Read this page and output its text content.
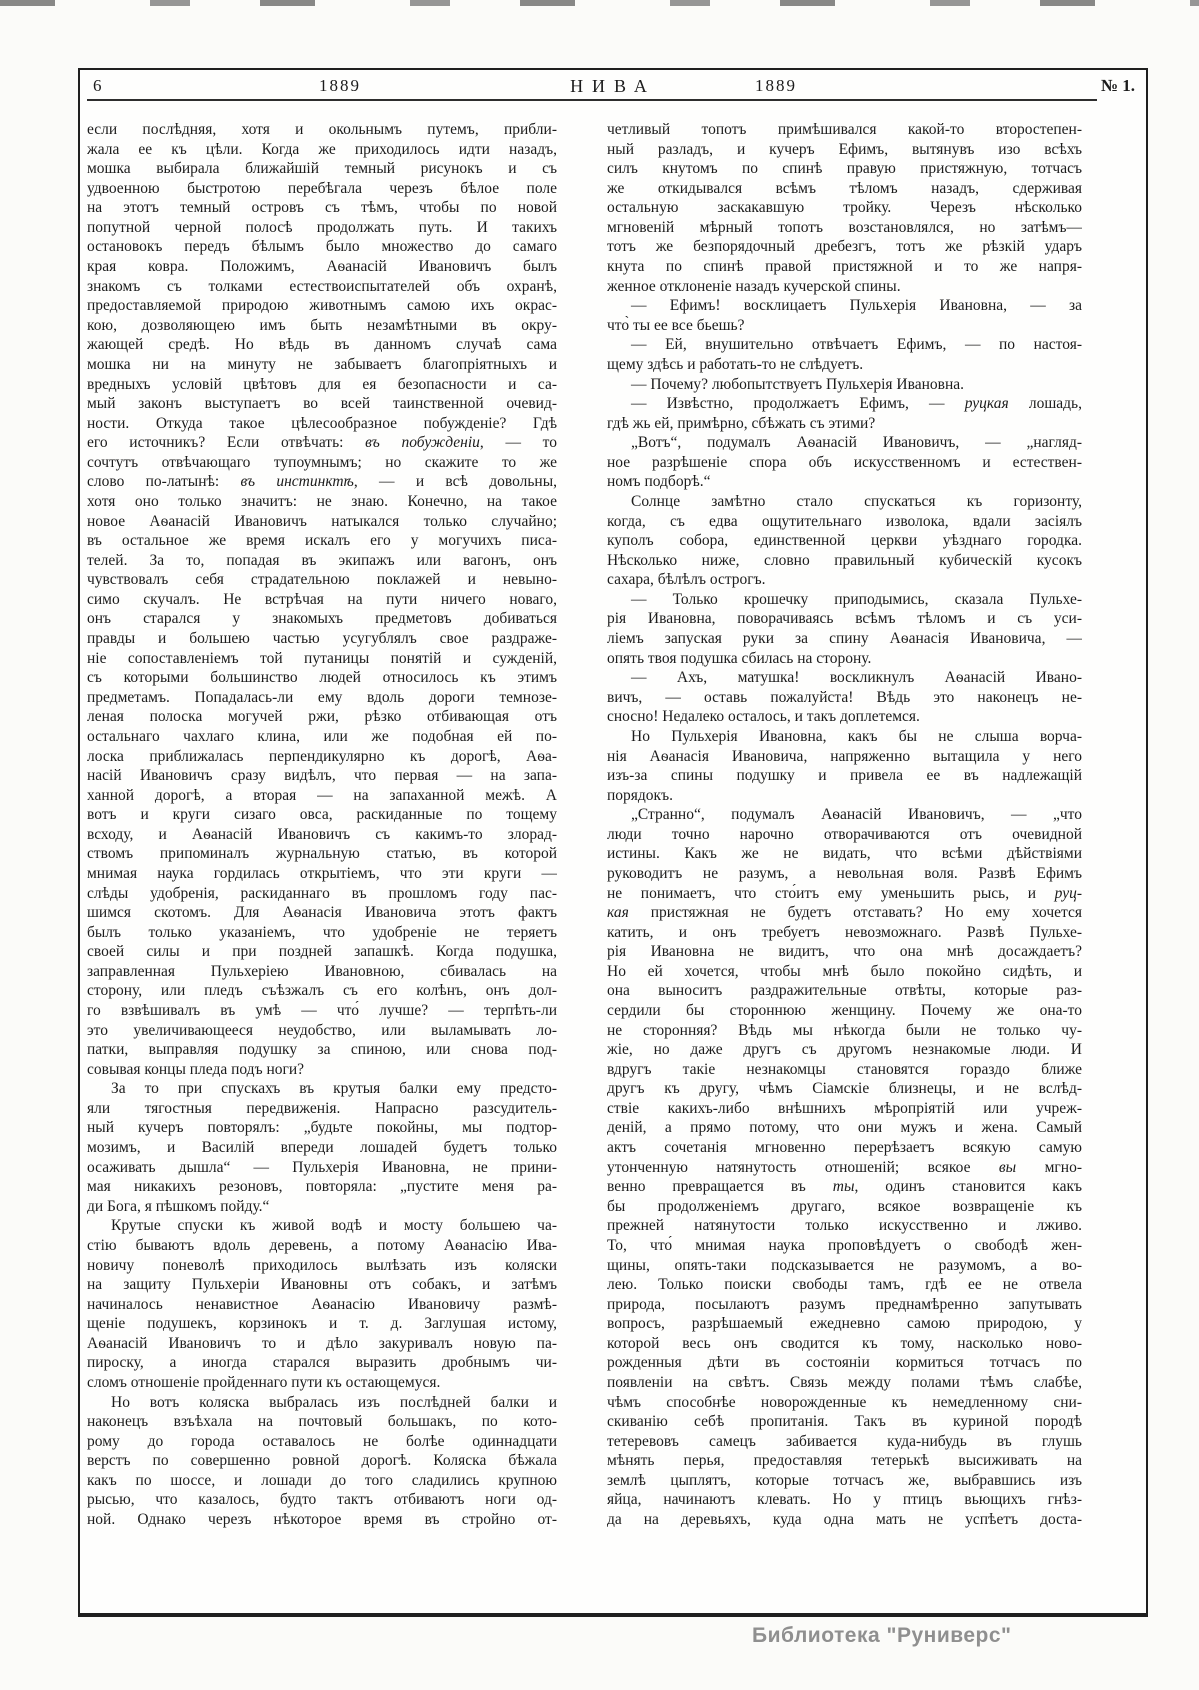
6	1889	НИВА	1889	№ 1.
если послѣдняя, хотя и окольнымъ путемъ, прибли-
жала ее къ цѣли. Когда же приходилось идти назадъ,
мошка выбирала ближайшій темный рисунокъ и съ
удвоенною быстротою перебѣгала черезъ бѣлое поле
на этотъ темный островъ съ тѣмъ, чтобы по новой
попутной черной полосѣ продолжать путь. И такихъ
остановокъ передъ бѣлымъ было множество до самаго
края ковра. Положимъ, Аѳанасій Ивановичъ былъ
знакомъ съ толками естествоиспытателей объ охранѣ,
предоставляемой природою животнымъ самою ихъ окрас-
кою, дозволяющею имъ быть незамѣтными въ окру-
жающей средѣ. Но вѣдь въ данномъ случаѣ сама
мошка ни на минуту не забываетъ благопріятныхъ и
вредныхъ условій цвѣтовъ для ея безопасности и са-
мый законъ выступаетъ во всей таинственной очевид-
ности. Откуда такое цѣлесообразное побужденіе? Гдѣ
его источникъ? Если отвѣчать: въ побужденіи, — то
сочтутъ отвѣчающаго тупоумнымъ; но скажите то же
слово по-латынѣ: въ инстинктѣ, — и всѣ довольны,
хотя оно только значитъ: не знаю. Конечно, на такое
новое Аѳанасій Ивановичъ натыкался только случайно;
въ остальное же время искалъ его у могучихъ писа-
телей. За то, попадая въ экипажъ или вагонъ, онъ
чувствовалъ себя страдательною поклажей и невыно-
симо скучалъ. Не встрѣчая на пути ничего новаго,
онъ старался у знакомыхъ предметовъ добиваться
правды и большею частью усугублялъ свое раздраже-
ніе сопоставленіемъ той путаницы понятій и сужденій,
съ которыми большинство людей относилось къ этимъ
предметамъ. Попадалась-ли ему вдоль дороги темнозе-
леная полоска могучей ржи, рѣзко отбивающая отъ
остальнаго чахлаго клина, или же подобная ей по-
лоска приближалась перпендикулярно къ дорогѣ, Аѳа-
насій Ивановичъ сразу видѣлъ, что первая — на запа-
ханной дорогѣ, а вторая — на запаханной межѣ. А
вотъ и круги сизаго овса, раскиданные по тощему
всходу, и Аѳанасій Ивановичъ съ какимъ-то злорад-
ствомъ припоминалъ журнальную статью, въ которой
мнимая наука гордилась открытіемъ, что эти круги —
слѣды удобренія, раскиданнаго въ прошломъ году пас-
шимся скотомъ. Для Аѳанасія Ивановича этотъ фактъ
былъ только указаніемъ, что удобреніе не теряетъ
своей силы и при поздней запашкѣ. Когда подушка,
заправленная Пульхеріею Ивановною, сбивалась на
сторону, или пледъ съѣзжалъ съ его колѣнъ, онъ дол-
го взвѣшивалъ въ умѣ — что́ лучше? — терпѣть-ли
это увеличивающееся неудобство, или выламывать ло-
патки, выправляя подушку за спиною, или снова под-
совывая концы пледа подъ ноги?
За то при спускахъ въ крутыя балки ему предсто-
яли тягостныя передвиженія. Напрасно разсудитель-
ный кучеръ повторялъ: „будьте покойны, мы подтор-
мозимъ, и Василій впереди лошадей будетъ только
осаживать дышла“ — Пульхерія Ивановна, не прини-
мая никакихъ резоновъ, повторяла: „пустите меня ра-
ди Бога, я пѣшкомъ пойду.“
Крутые спуски къ живой водѣ и мосту большею ча-
стію бываютъ вдоль деревень, а потому Аѳанасію Ива-
новичу поневолѣ приходилось вылѣзать изъ коляски
на защиту Пульхеріи Ивановны отъ собакъ, и затѣмъ
начиналось ненавистное Аѳанасію Ивановичу размѣ-
щеніе подушекъ, корзинокъ и т. д. Заглушая истому,
Аѳанасій Ивановичъ то и дѣло закуривалъ новую па-
пироску, а иногда старался выразить дробнымъ чи-
сломъ отношеніе пройденнаго пути къ остающемуся.
Но вотъ коляска выбралась изъ послѣдней балки и
наконецъ взъѣхала на почтовый большакъ, по кото-
рому до города оставалось не болѣе одиннадцати
верстъ по совершенно ровной дорогѣ. Коляска бѣжала
какъ по шоссе, и лошади до того сладились крупною
рысью, что казалось, будто тактъ отбиваютъ ноги од-
ной. Однако черезъ нѣкоторое время въ стройно от-
четливый топотъ примѣшивался какой-то второстепен-
ный разладъ, и кучеръ Ефимъ, вытянувъ изо всѣхъ
силъ кнутомъ по спинѣ правую пристяжную, тотчасъ
же откидывался всѣмъ тѣломъ назадъ, сдерживая
остальную заскакавшую тройку. Черезъ нѣсколько
мгновеній мѣрный топотъ возстановлялся, но затѣмъ—
тотъ же безпорядочный дребезгъ, тотъ же рѣзкій ударъ
кнута по спинѣ правой пристяжной и то же напря-
женное отклоненіе назадъ кучерской спины.
— Ефимъ! восклицаетъ Пульхерія Ивановна, — за
что̀ ты ее все бьешь?
— Ей, внушительно отвѣчаетъ Ефимъ, — по настоя-
щему здѣсь и работать-то не слѣдуетъ.
— Почему? любопытствуетъ Пульхерія Ивановна.
— Извѣстно, продолжаетъ Ефимъ, — руцкая лошадь,
гдѣ жь ей, примѣрно, сбѣжать съ этими?
„Вотъ“, подумалъ Аѳанасій Ивановичъ, — „нагляд-
ное разрѣшеніе спора объ искусственномъ и естествен-
номъ подборѣ.“
Солнце замѣтно стало спускаться къ горизонту,
когда, съ едва ощутительнаго изволока, вдали засіялъ
куполъ собора, единственной церкви уѣзднаго городка.
Нѣсколько ниже, словно правильный кубическій кусокъ
сахара, бѣлѣлъ острогъ.
— Только крошечку приподымись, сказала Пульхе-
рія Ивановна, поворачиваясь всѣмъ тѣломъ и съ уси-
ліемъ запуская руки за спину Аѳанасія Ивановича, —
опять твоя подушка сбилась на сторону.
— Ахъ, матушка! воскликнулъ Аѳанасій Ивано-
вичъ, — оставь пожалуйста! Вѣдь это наконецъ не-
сносно! Недалеко осталось, и такъ доплетемся.
Но Пульхерія Ивановна, какъ бы не слыша ворча-
нія Аѳанасія Ивановича, напряженно вытащила у него
изъ-за спины подушку и привела ее въ надлежащій
порядокъ.
„Странно“, подумалъ Аѳанасій Ивановичъ, — „что
люди точно нарочно отворачиваются отъ очевидной
истины. Какъ же не видать, что всѣми дѣйствіями
руководитъ не разумъ, а невольная воля. Развѣ Ефимъ
не понимаетъ, что сто́итъ ему уменьшить рысь, и руц-
кая пристяжная не будетъ отставать? Но ему хочется
катить, и онъ требуетъ невозможнаго. Развѣ Пульхе-
рія Ивановна не видитъ, что она мнѣ досаждаетъ?
Но ей хочется, чтобы мнѣ было покойно сидѣть, и
она выноситъ раздражительные отвѣты, которые раз-
сердили бы стороннюю женщину. Почему же она-то
не сторонняя? Вѣдь мы нѣкогда были не только чу-
жіе, но даже другъ съ другомъ незнакомые люди. И
вдругъ такіе незнакомцы становятся гораздо ближе
другъ къ другу, чѣмъ Сіамскіе близнецы, и не вслѣд-
ствіе какихъ-либо внѣшнихъ мѣропріятій или учреж-
деній, а прямо потому, что они мужъ и жена. Самый
актъ сочетанія мгновенно перерѣзаетъ всякую самую
утонченную натянутость отношеній; всякое вы мгно-
венно превращается въ ты, одинъ становится какъ
бы продолженіемъ другаго, всякое возвращеніе къ
прежней натянутости только искусственно и лживо.
То, что́ мнимая наука проповѣдуетъ о свободѣ жен-
щины, опять-таки подсказывается не разумомъ, а во-
лею. Только поиски свободы тамъ, гдѣ ее не отвела
природа, посылаютъ разумъ преднамѣренно запутывать
вопросъ, разрѣшаемый ежедневно самою природою, у
которой весь онъ сводится къ тому, насколько ново-
рожденныя дѣти въ состояніи кормиться тотчасъ по
появленіи на свѣтъ. Связь между полами тѣмъ слабѣе,
чѣмъ способнѣе новорожденные къ немедленному сни-
скиванію себѣ пропитанія. Такъ въ куриной породѣ
тетеревовъ самецъ забивается куда-нибудь въ глушь
мѣнять перья, предоставляя тетерькѣ высиживать на
землѣ цыплятъ, которые тотчасъ же, выбравшись изъ
яйца, начинаютъ клевать. Но у птицъ вьющихъ гнѣз-
да на деревьяхъ, куда одна мать не успѣетъ доста-
Библиотека "Руниверс"
